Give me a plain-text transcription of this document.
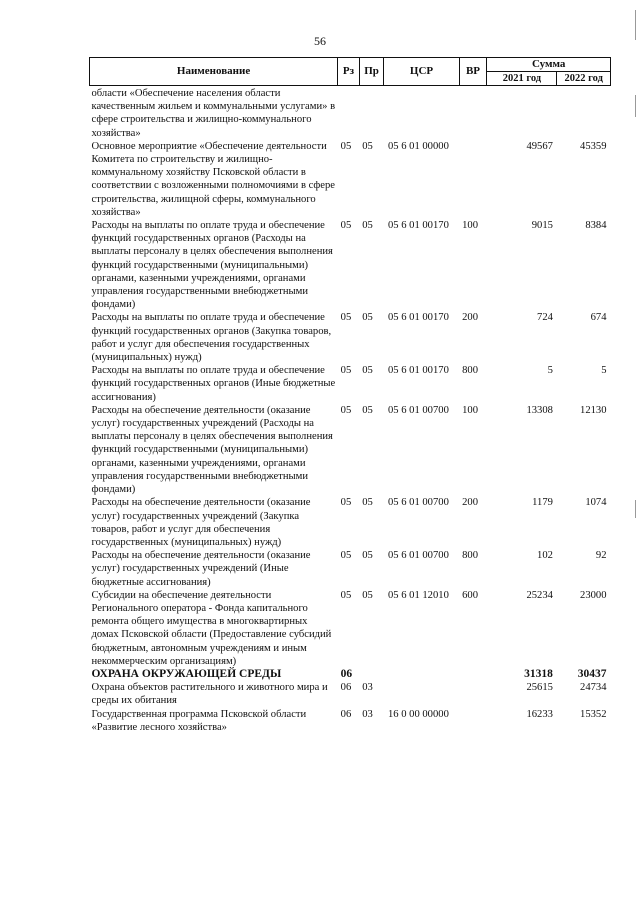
56
Наименование	Рз	Пр	ЦСР	ВР	Сумма	
					2021 год	2022 год
области «Обеспечение населения области качественным жильем и коммунальными услугами» в сфере строительства и жилищно-коммунального хозяйства»						
Основное мероприятие «Обеспечение деятельности Комитета по строительству и жилищно-коммунальному хозяйству Псковской области в соответствии с возложенными полномочиями в сфере строительства, жилищной сферы, коммунального хозяйства»	05	05	05 6 01 00000		49567	45359
Расходы на выплаты по оплате труда и обеспечение функций государственных органов (Расходы на выплаты персоналу в целях обеспечения выполнения функций государственными (муниципальными) органами, казенными учреждениями, органами управления государственными внебюджетными фондами)	05	05	05 6 01 00170	100	9015	8384
Расходы на выплаты по оплате труда и обеспечение функций государственных органов (Закупка товаров, работ и услуг для обеспечения государственных (муниципальных) нужд)	05	05	05 6 01 00170	200	724	674
Расходы на выплаты по оплате труда и обеспечение функций государственных органов (Иные бюджетные ассигнования)	05	05	05 6 01 00170	800	5	5
Расходы на обеспечение деятельности (оказание услуг) государственных учреждений (Расходы на выплаты персоналу в целях обеспечения выполнения функций государственными (муниципальными) органами, казенными учреждениями, органами управления государственными внебюджетными фондами)	05	05	05 6 01 00700	100	13308	12130
Расходы на обеспечение деятельности (оказание услуг) государственных учреждений (Закупка товаров, работ и услуг для обеспечения государственных (муниципальных) нужд)	05	05	05 6 01 00700	200	1179	1074
Расходы на обеспечение деятельности (оказание услуг) государственных учреждений (Иные бюджетные ассигнования)	05	05	05 6 01 00700	800	102	92
Субсидии на обеспечение деятельности Регионального оператора - Фонда капитального ремонта общего имущества в многоквартирных домах Псковской области (Предоставление субсидий бюджетным, автономным учреждениям и иным некоммерческим организациям)	05	05	05 6 01 12010	600	25234	23000
ОХРАНА ОКРУЖАЮЩЕЙ СРЕДЫ	06				31318	30437
Охрана объектов растительного и животного мира и среды их обитания	06	03			25615	24734
Государственная программа Псковской области «Развитие лесного хозяйства»	06	03	16 0 00 00000		16233	15352
